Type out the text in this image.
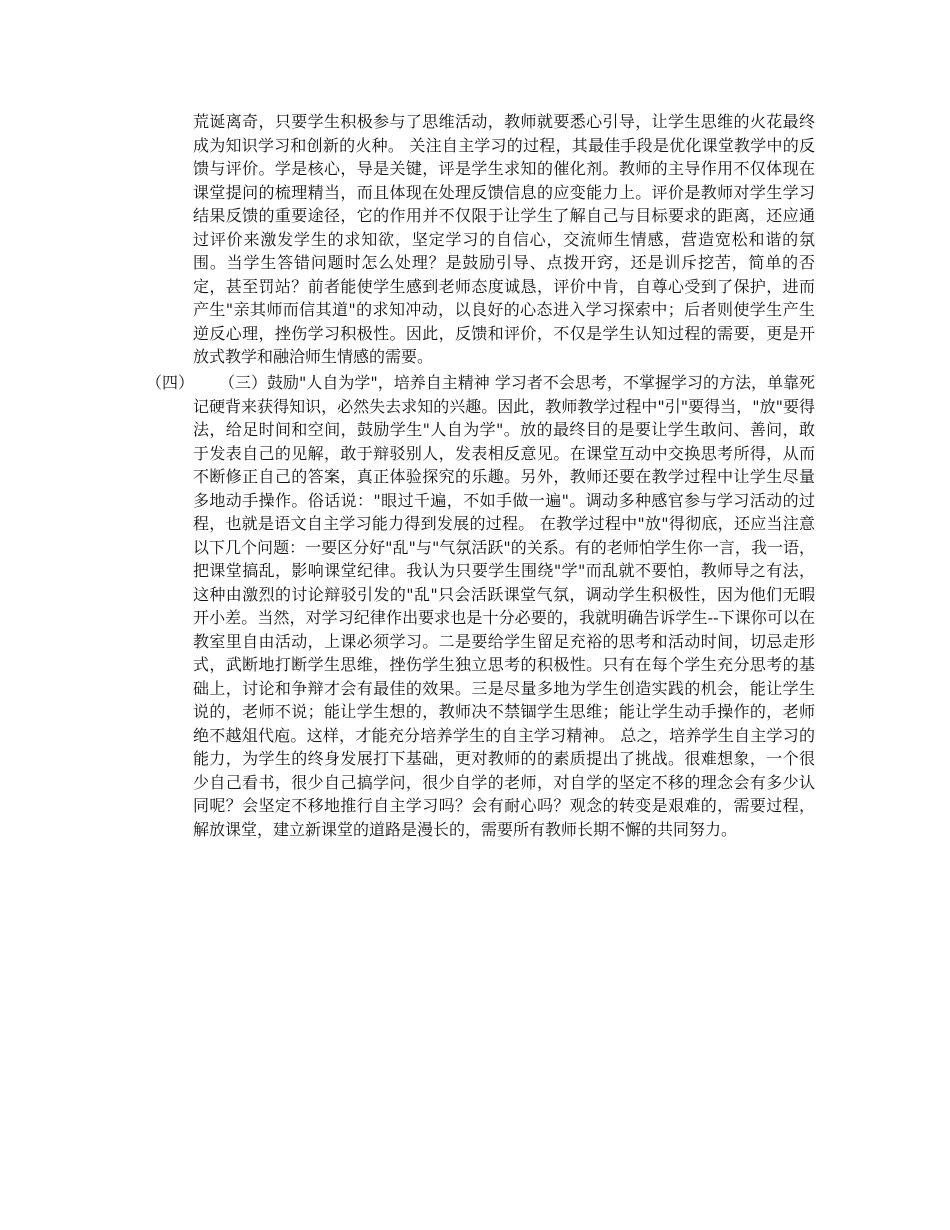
荒诞离奇，只要学生积极参与了思维活动，教师就要悉心引导，让学生思维的火花最终成为知识学习和创新的火种。 关注自主学习的过程，其最佳手段是优化课堂教学中的反馈与评价。学是核心，导是关键，评是学生求知的催化剂。教师的主导作用不仅体现在课堂提问的梳理精当，而且体现在处理反馈信息的应变能力上。评价是教师对学生学习结果反馈的重要途径，它的作用并不仅限于让学生了解自己与目标要求的距离，还应通过评价来激发学生的求知欲，坚定学习的自信心，交流师生情感，营造宽松和谐的氛围。当学生答错问题时怎么处理？是鼓励引导、点拨开窍，还是训斥挖苦，简单的否定，甚至罚站？前者能使学生感到老师态度诚恳，评价中肯，自尊心受到了保护，进而产生"亲其师而信其道"的求知冲动，以良好的心态进入学习探索中；后者则使学生产生逆反心理，挫伤学习积极性。因此，反馈和评价，不仅是学生认知过程的需要，更是开放式教学和融洽师生情感的需要。
（四）	（三）鼓励"人自为学"，培养自主精神 学习者不会思考，不掌握学习的方法，单靠死记硬背来获得知识，必然失去求知的兴趣。因此，教师教学过程中"引"要得当，"放"要得法，给足时间和空间，鼓励学生"人自为学"。放的最终目的是要让学生敢问、善问，敢于发表自己的见解，敢于辩驳别人，发表相反意见。在课堂互动中交换思考所得，从而不断修正自己的答案，真正体验探究的乐趣。另外，教师还要在教学过程中让学生尽量多地动手操作。俗话说："眼过千遍，不如手做一遍"。调动多种感官参与学习活动的过程，也就是语文自主学习能力得到发展的过程。 在教学过程中"放"得彻底，还应当注意以下几个问题：一要区分好"乱"与"气氛活跃"的关系。有的老师怕学生你一言，我一语，把课堂搞乱，影响课堂纪律。我认为只要学生围绕"学"而乱就不要怕，教师导之有法，这种由激烈的讨论辩驳引发的"乱"只会活跃课堂气氛，调动学生积极性，因为他们无暇开小差。当然，对学习纪律作出要求也是十分必要的，我就明确告诉学生--下课你可以在教室里自由活动，上课必须学习。二是要给学生留足充裕的思考和活动时间，切忌走形式，武断地打断学生思维，挫伤学生独立思考的积极性。只有在每个学生充分思考的基础上，讨论和争辩才会有最佳的效果。三是尽量多地为学生创造实践的机会，能让学生说的，老师不说；能让学生想的，教师决不禁锢学生思维；能让学生动手操作的，老师绝不越俎代庖。这样，才能充分培养学生的自主学习精神。 总之，培养学生自主学习的能力，为学生的终身发展打下基础，更对教师的的素质提出了挑战。很难想象，一个很少自己看书，很少自己搞学问，很少自学的老师，对自学的坚定不移的理念会有多少认同呢？会坚定不移地推行自主学习吗？会有耐心吗？观念的转变是艰难的，需要过程，解放课堂，建立新课堂的道路是漫长的，需要所有教师长期不懈的共同努力。
